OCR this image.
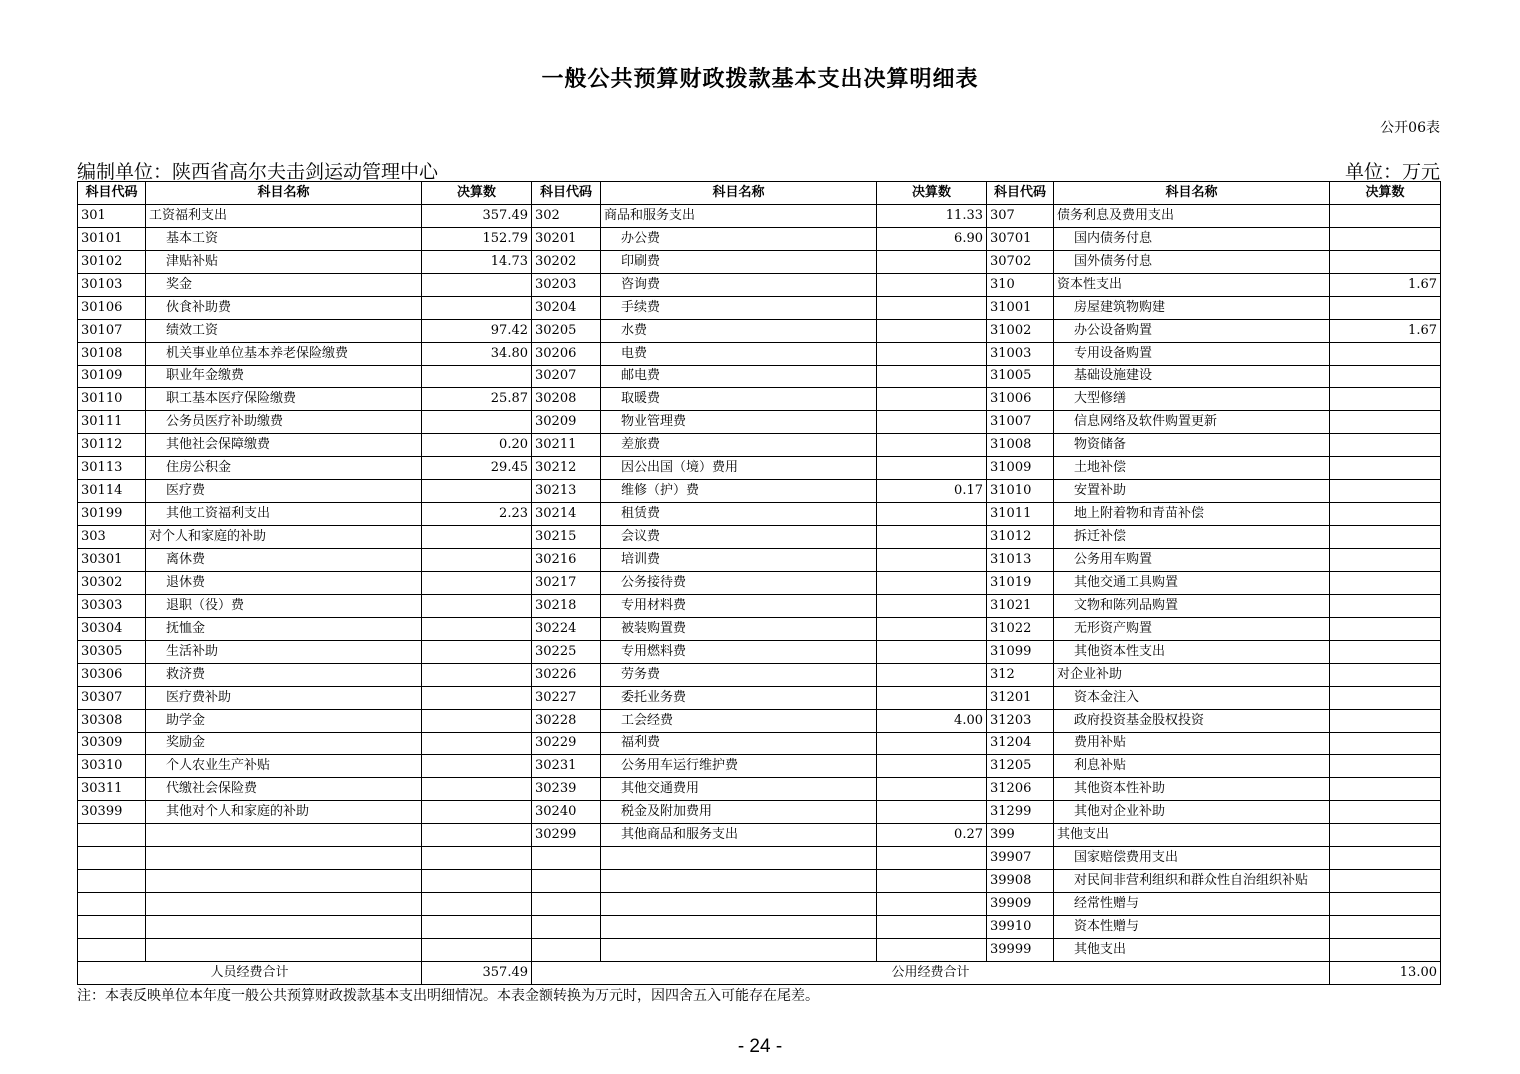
一般公共预算财政拨款基本支出决算明细表
公开06表
编制单位：陕西省高尔夫击剑运动管理中心	单位：万元
科目代码	科目名称	决算数	科目代码	科目名称	决算数	科目代码	科目名称	决算数
301	工资福利支出	357.49	302	商品和服务支出	11.33	307	债务利息及费用支出	
30101	基本工资	152.79	30201	办公费	6.90	30701	国内债务付息	
30102	津贴补贴	14.73	30202	印刷费		30702	国外债务付息	
30103	奖金		30203	咨询费		310	资本性支出	1.67
30106	伙食补助费		30204	手续费		31001	房屋建筑物购建	
30107	绩效工资	97.42	30205	水费		31002	办公设备购置	1.67
30108	机关事业单位基本养老保险缴费	34.80	30206	电费		31003	专用设备购置	
30109	职业年金缴费		30207	邮电费		31005	基础设施建设	
30110	职工基本医疗保险缴费	25.87	30208	取暖费		31006	大型修缮	
30111	公务员医疗补助缴费		30209	物业管理费		31007	信息网络及软件购置更新	
30112	其他社会保障缴费	0.20	30211	差旅费		31008	物资储备	
30113	住房公积金	29.45	30212	因公出国（境）费用		31009	土地补偿	
30114	医疗费		30213	维修（护）费	0.17	31010	安置补助	
30199	其他工资福利支出	2.23	30214	租赁费		31011	地上附着物和青苗补偿	
303	对个人和家庭的补助		30215	会议费		31012	拆迁补偿	
30301	离休费		30216	培训费		31013	公务用车购置	
30302	退休费		30217	公务接待费		31019	其他交通工具购置	
30303	退职（役）费		30218	专用材料费		31021	文物和陈列品购置	
30304	抚恤金		30224	被装购置费		31022	无形资产购置	
30305	生活补助		30225	专用燃料费		31099	其他资本性支出	
30306	救济费		30226	劳务费		312	对企业补助	
30307	医疗费补助		30227	委托业务费		31201	资本金注入	
30308	助学金		30228	工会经费	4.00	31203	政府投资基金股权投资	
30309	奖励金		30229	福利费		31204	费用补贴	
30310	个人农业生产补贴		30231	公务用车运行维护费		31205	利息补贴	
30311	代缴社会保险费		30239	其他交通费用		31206	其他资本性补助	
30399	其他对个人和家庭的补助		30240	税金及附加费用		31299	其他对企业补助	
			30299	其他商品和服务支出	0.27	399	其他支出	
						39907	国家赔偿费用支出	
						39908	对民间非营利组织和群众性自治组织补贴	
						39909	经常性赠与	
						39910	资本性赠与	
						39999	其他支出	
人员经费合计		357.49	公用经费合计					13.00
注：本表反映单位本年度一般公共预算财政拨款基本支出明细情况。本表金额转换为万元时，因四舍五入可能存在尾差。
- 24 -
